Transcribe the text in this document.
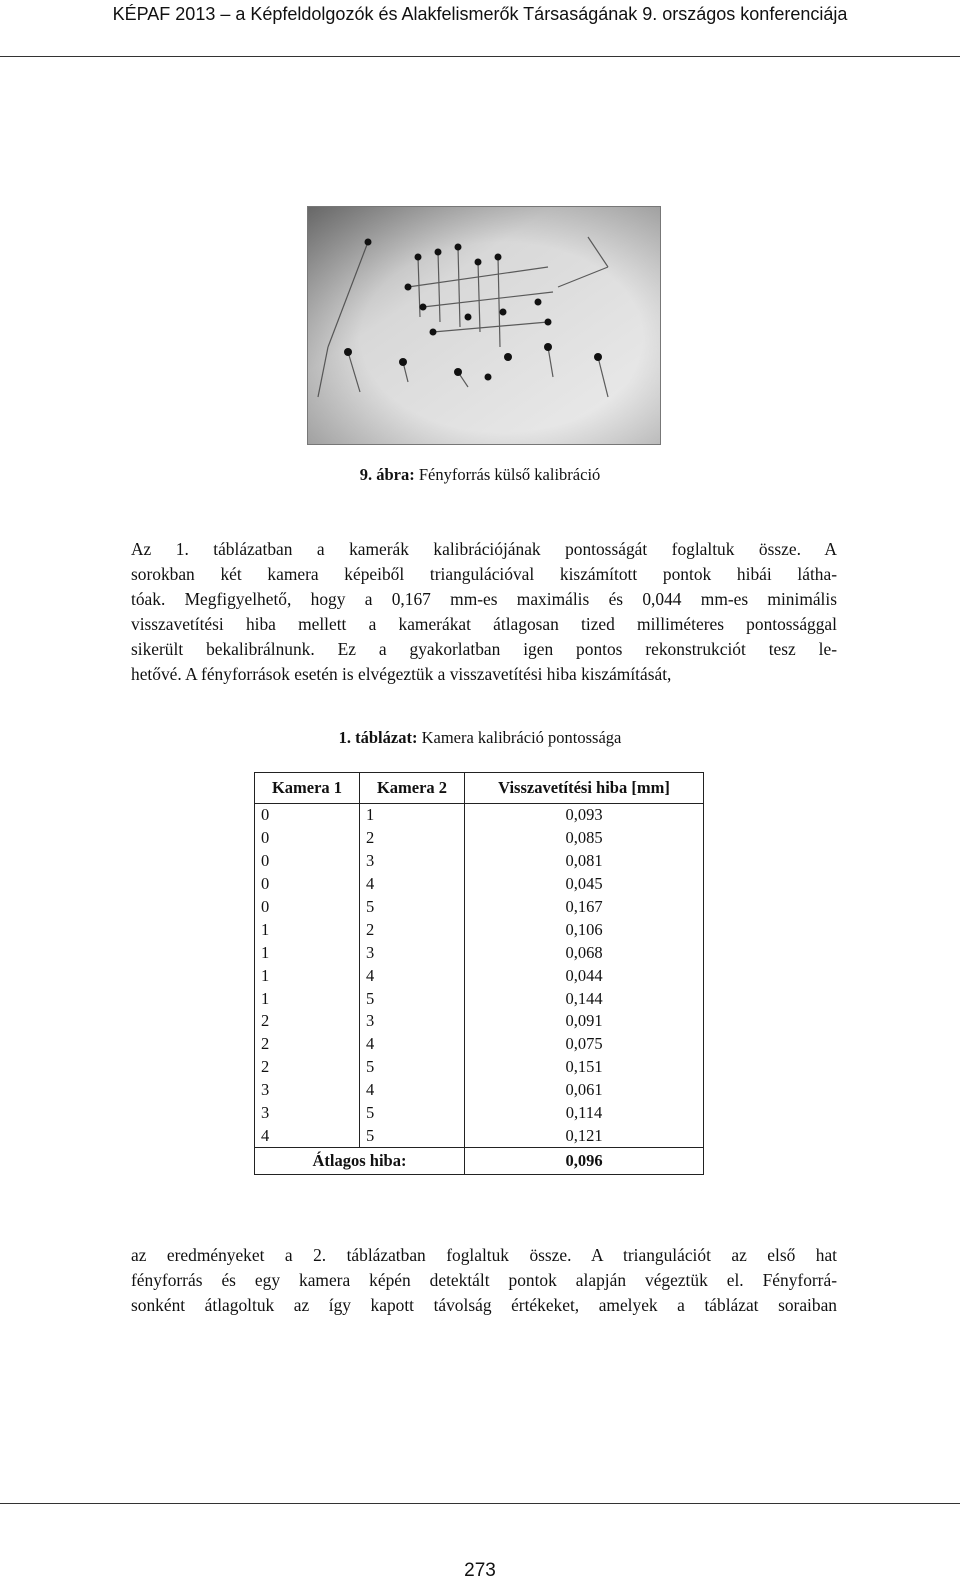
KÉPAF 2013 – a Képfeldolgozók és Alakfelismerők Társaságának 9. országos konferenciája
9. ábra: Fényforrás külső kalibráció
Az 1. táblázatban a kamerák kalibrációjának pontosságát foglaltuk össze. A
sorokban két kamera képeiből triangulációval kiszámított pontok hibái látha-
tóak. Megfigyelhető, hogy a 0,167 mm-es maximális és 0,044 mm-es minimális
visszavetítési hiba mellett a kamerákat átlagosan tized milliméteres pontossággal
sikerült bekalibrálnunk. Ez a gyakorlatban igen pontos rekonstrukciót tesz le-
hetővé. A fényforrások esetén is elvégeztük a visszavetítési hiba kiszámítását,
1. táblázat: Kamera kalibráció pontossága
Kamera 1	Kamera 2	Visszavetítési hiba [mm]
0	1	0,093
0	2	0,085
0	3	0,081
0	4	0,045
0	5	0,167
1	2	0,106
1	3	0,068
1	4	0,044
1	5	0,144
2	3	0,091
2	4	0,075
2	5	0,151
3	4	0,061
3	5	0,114
4	5	0,121
Átlagos hiba:		0,096
az eredményeket a 2. táblázatban foglaltuk össze. A triangulációt az első hat
fényforrás és egy kamera képén detektált pontok alapján végeztük el. Fényforrá-
sonként átlagoltuk az így kapott távolság értékeket, amelyek a táblázat soraiban
273
